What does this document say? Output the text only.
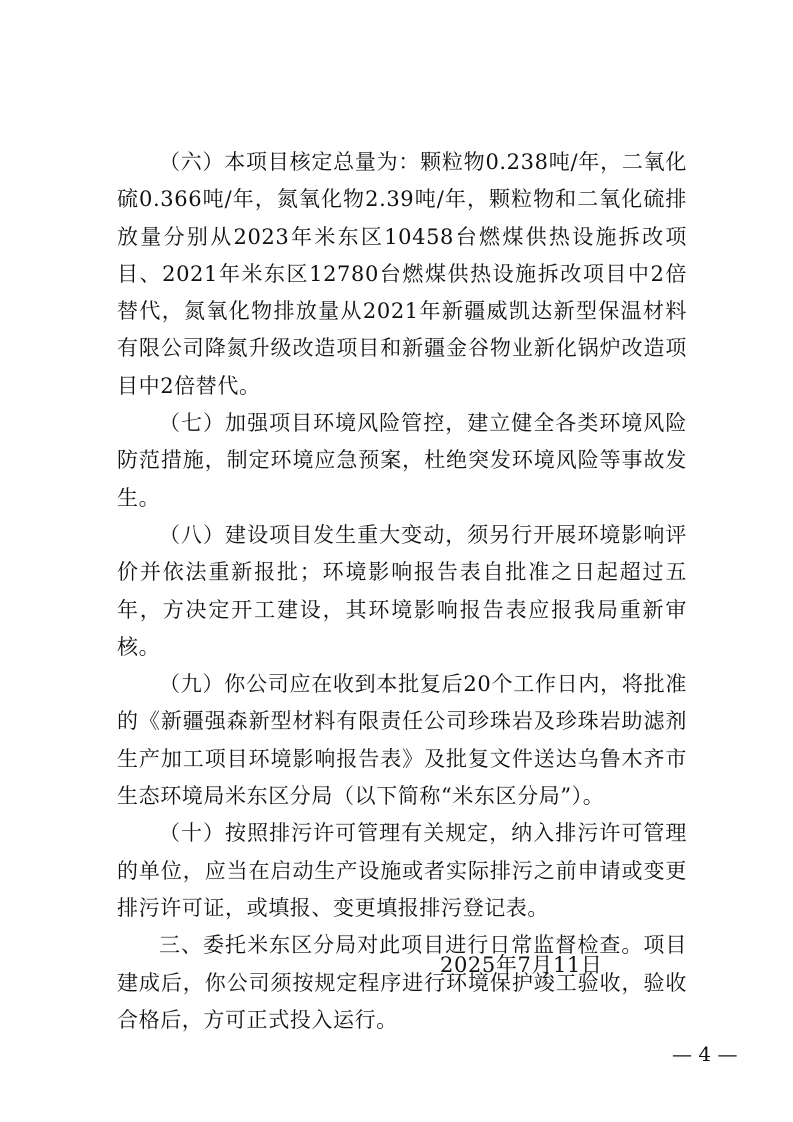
（六）本项目核定总量为：颗粒物0.238吨/年，二氧化硫0.366吨/年，氮氧化物2.39吨/年，颗粒物和二氧化硫排放量分别从2023年米东区10458台燃煤供热设施拆改项目、2021年米东区12780台燃煤供热设施拆改项目中2倍替代，氮氧化物排放量从2021年新疆威凯达新型保温材料有限公司降氮升级改造项目和新疆金谷物业新化锅炉改造项目中2倍替代。

（七）加强项目环境风险管控，建立健全各类环境风险防范措施，制定环境应急预案，杜绝突发环境风险等事故发生。

（八）建设项目发生重大变动，须另行开展环境影响评价并依法重新报批；环境影响报告表自批准之日起超过五年，方决定开工建设，其环境影响报告表应报我局重新审核。

（九）你公司应在收到本批复后20个工作日内，将批准的《新疆强森新型材料有限责任公司珍珠岩及珍珠岩助滤剂生产加工项目环境影响报告表》及批复文件送达乌鲁木齐市生态环境局米东区分局（以下简称“米东区分局”）。

（十）按照排污许可管理有关规定，纳入排污许可管理的单位，应当在启动生产设施或者实际排污之前申请或变更排污许可证，或填报、变更填报排污登记表。

三、委托米东区分局对此项目进行日常监督检查。项目建成后，你公司须按规定程序进行环境保护竣工验收，验收合格后，方可正式投入运行。

2025年7月11日
— 4 —
